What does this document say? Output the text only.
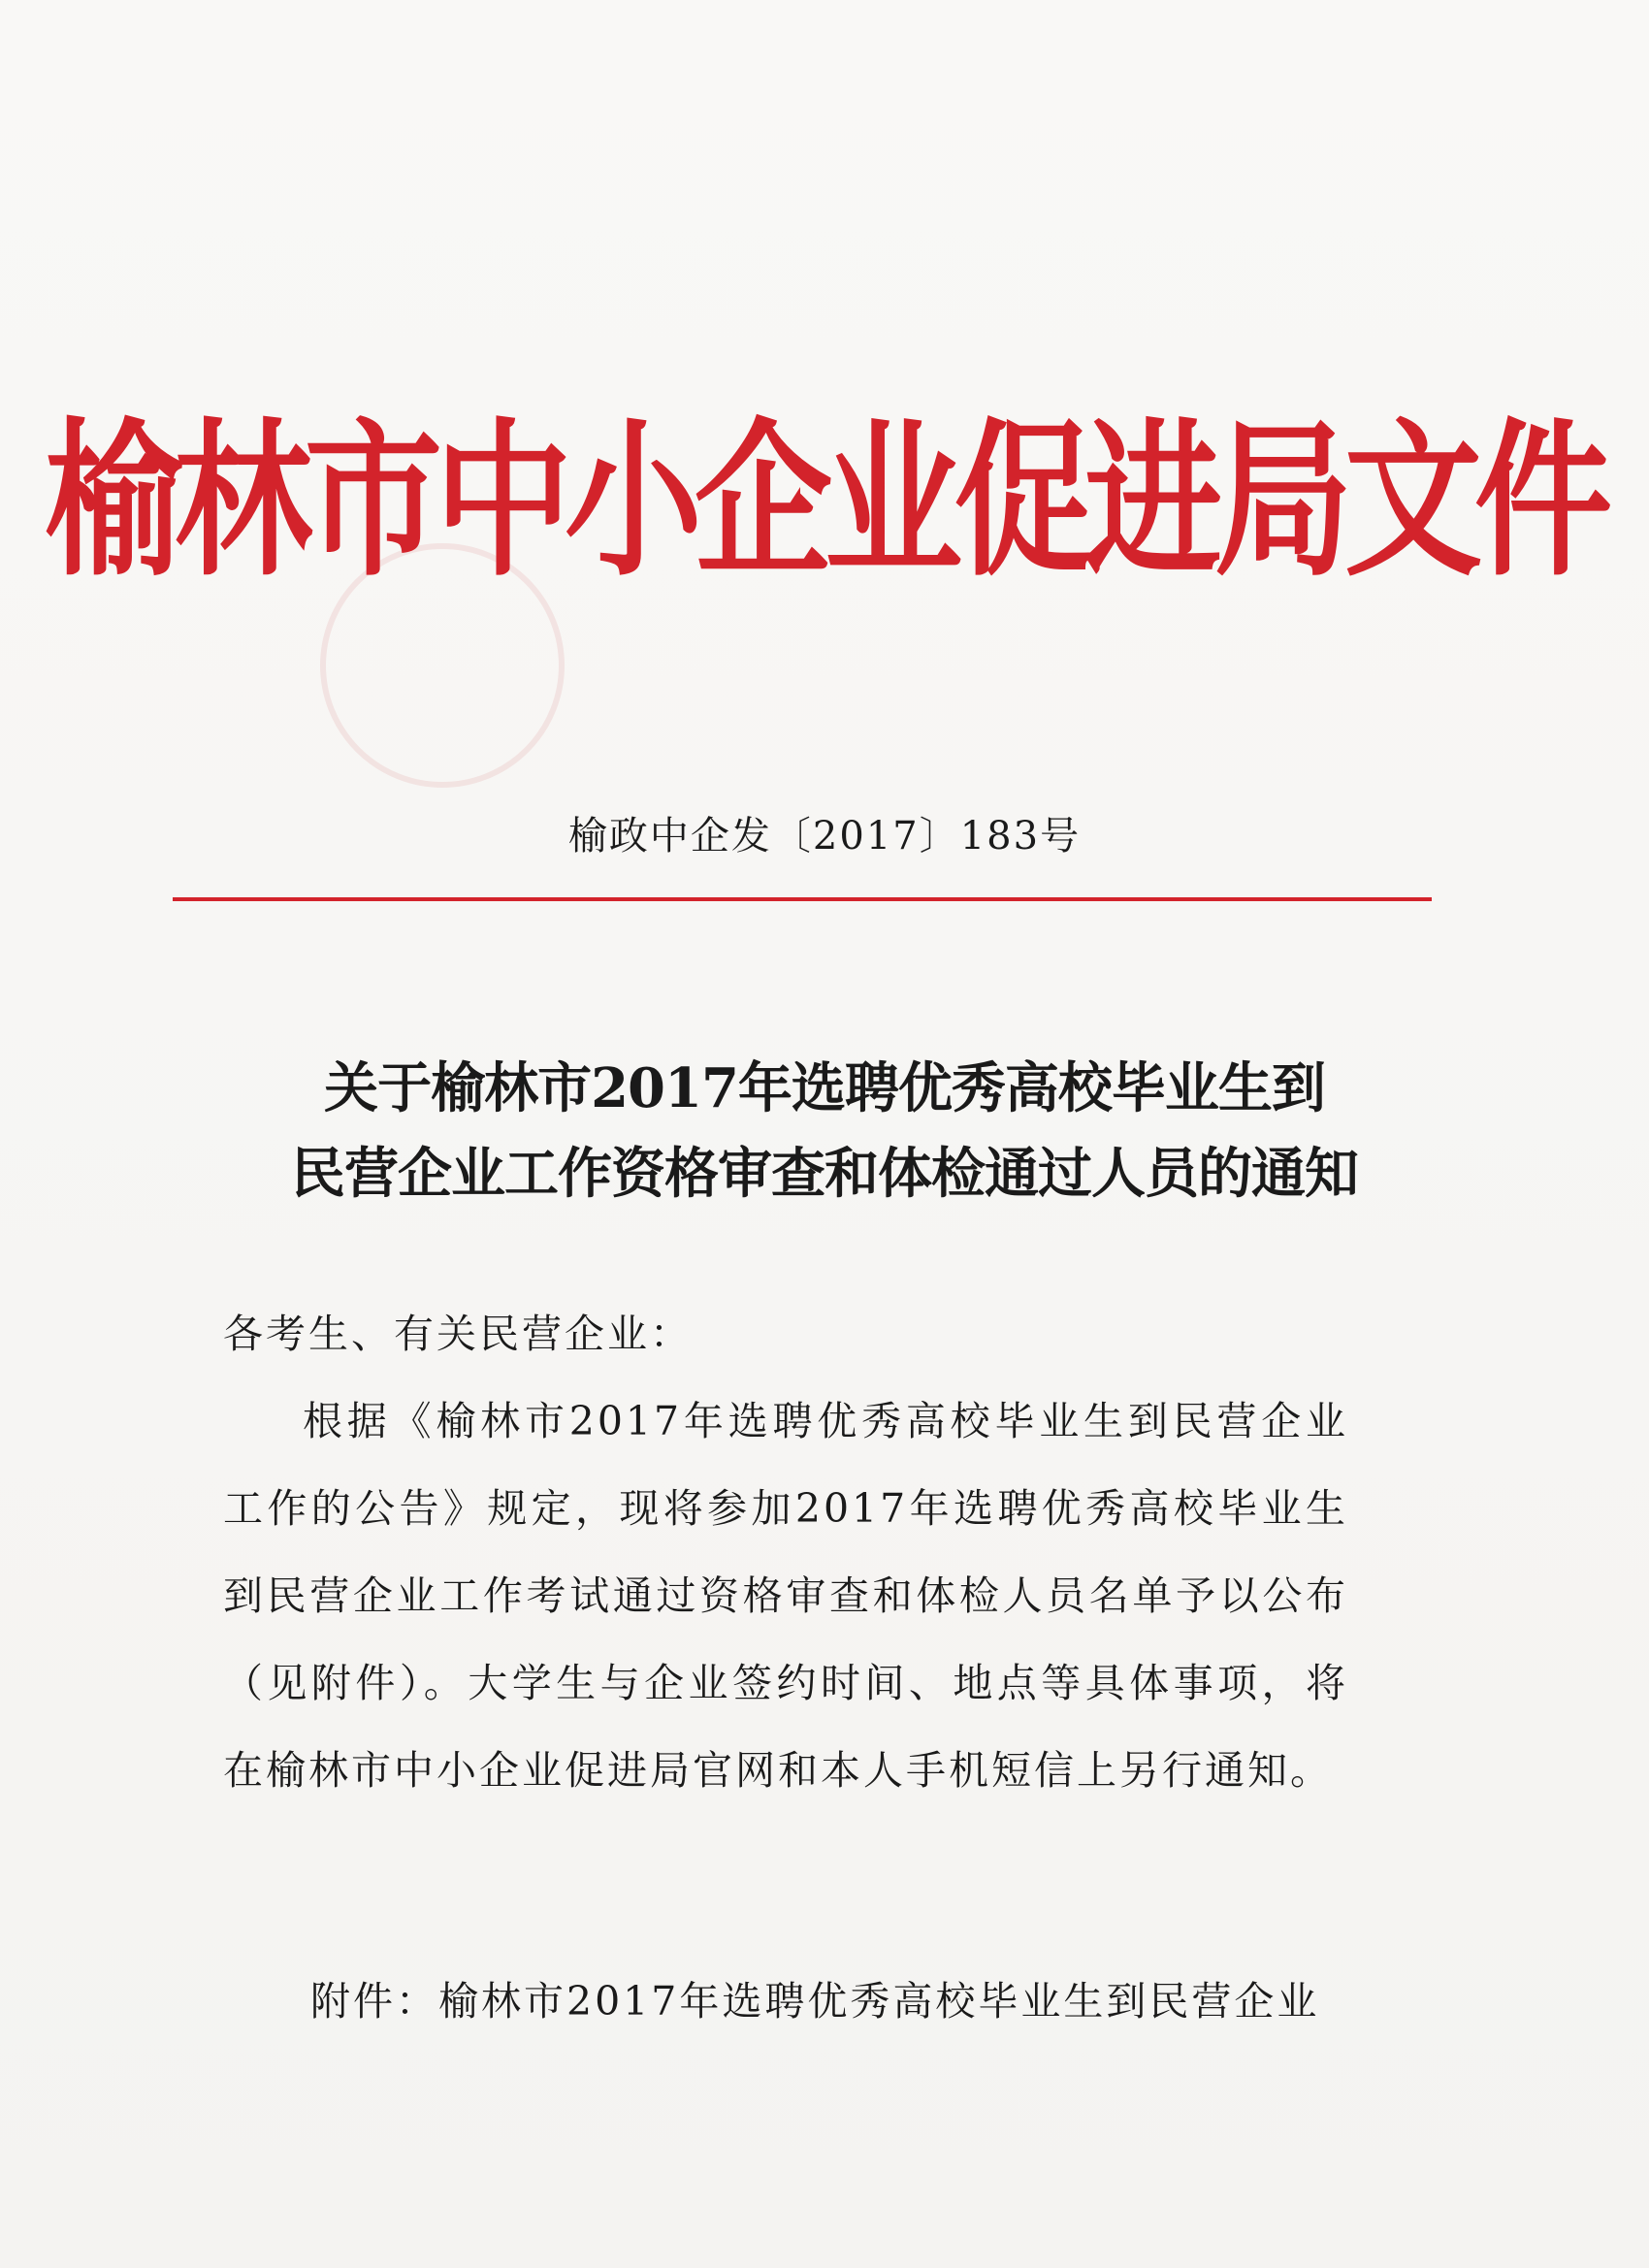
榆林市中小企业促进局文件
榆政中企发〔2017〕183号
关于榆林市2017年选聘优秀高校毕业生到
民营企业工作资格审查和体检通过人员的通知

各考生、有关民营企业：

根据《榆林市2017年选聘优秀高校毕业生到民营企业工作的公告》规定，现将参加2017年选聘优秀高校毕业生到民营企业工作考试通过资格审查和体检人员名单予以公布（见附件）。大学生与企业签约时间、地点等具体事项，将在榆林市中小企业促进局官网和本人手机短信上另行通知。

附件：榆林市2017年选聘优秀高校毕业生到民营企业
